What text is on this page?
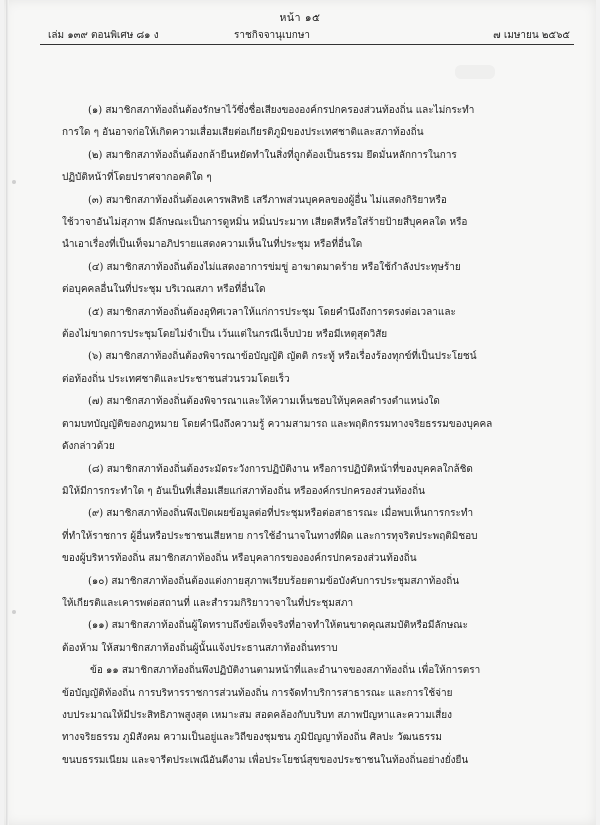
หน้า ๑๕
เล่ม ๑๓๙ ตอนพิเศษ ๘๑ ง	ราชกิจจานุเบกษา	๗ เมษายน ๒๕๖๕

(๑) สมาชิกสภาท้องถิ่นต้องรักษาไว้ซึ่งชื่อเสียงขององค์กรปกครองส่วนท้องถิ่น และไม่กระทำ

การใด ๆ อันอาจก่อให้เกิดความเสื่อมเสียต่อเกียรติภูมิของประเทศชาติและสภาท้องถิ่น

(๒) สมาชิกสภาท้องถิ่นต้องกล้ายืนหยัดทำในสิ่งที่ถูกต้องเป็นธรรม ยึดมั่นหลักการในการ

ปฏิบัติหน้าที่โดยปราศจากอคติใด ๆ

(๓) สมาชิกสภาท้องถิ่นต้องเคารพสิทธิ เสรีภาพส่วนบุคคลของผู้อื่น ไม่แสดงกิริยาหรือ

ใช้วาจาอันไม่สุภาพ มีลักษณะเป็นการดูหมิ่น หมิ่นประมาท เสียดสีหรือใส่ร้ายป้ายสีบุคคลใด หรือ

นำเอาเรื่องที่เป็นเท็จมาอภิปรายแสดงความเห็นในที่ประชุม หรือที่อื่นใด

(๔) สมาชิกสภาท้องถิ่นต้องไม่แสดงอาการข่มขู่ อาฆาตมาดร้าย หรือใช้กำลังประทุษร้าย

ต่อบุคคลอื่นในที่ประชุม บริเวณสภา หรือที่อื่นใด

(๕) สมาชิกสภาท้องถิ่นต้องอุทิศเวลาให้แก่การประชุม โดยคำนึงถึงการตรงต่อเวลาและ

ต้องไม่ขาดการประชุมโดยไม่จำเป็น เว้นแต่ในกรณีเจ็บป่วย หรือมีเหตุสุดวิสัย

(๖) สมาชิกสภาท้องถิ่นต้องพิจารณาข้อบัญญัติ ญัตติ กระทู้ หรือเรื่องร้องทุกข์ที่เป็นประโยชน์

ต่อท้องถิ่น ประเทศชาติและประชาชนส่วนรวมโดยเร็ว

(๗) สมาชิกสภาท้องถิ่นต้องพิจารณาและให้ความเห็นชอบให้บุคคลดำรงตำแหน่งใด

ตามบทบัญญัติของกฎหมาย โดยคำนึงถึงความรู้ ความสามารถ และพฤติกรรมทางจริยธรรมของบุคคล

ดังกล่าวด้วย

(๘) สมาชิกสภาท้องถิ่นต้องระมัดระวังการปฏิบัติงาน หรือการปฏิบัติหน้าที่ของบุคคลใกล้ชิด

มิให้มีการกระทำใด ๆ อันเป็นที่เสื่อมเสียแก่สภาท้องถิ่น หรือองค์กรปกครองส่วนท้องถิ่น

(๙) สมาชิกสภาท้องถิ่นพึงเปิดเผยข้อมูลต่อที่ประชุมหรือต่อสาธารณะ เมื่อพบเห็นการกระทำ

ที่ทำให้ราชการ ผู้อื่นหรือประชาชนเสียหาย การใช้อำนาจในทางที่ผิด และการทุจริตประพฤติมิชอบ

ของผู้บริหารท้องถิ่น สมาชิกสภาท้องถิ่น หรือบุคลากรขององค์กรปกครองส่วนท้องถิ่น

(๑๐) สมาชิกสภาท้องถิ่นต้องแต่งกายสุภาพเรียบร้อยตามข้อบังคับการประชุมสภาท้องถิ่น

ให้เกียรติและเคารพต่อสถานที่ และสำรวมกิริยาวาจาในที่ประชุมสภา

(๑๑) สมาชิกสภาท้องถิ่นผู้ใดทราบถึงข้อเท็จจริงที่อาจทำให้ตนขาดคุณสมบัติหรือมีลักษณะ

ต้องห้าม ให้สมาชิกสภาท้องถิ่นผู้นั้นแจ้งประธานสภาท้องถิ่นทราบ

ข้อ ๑๑ สมาชิกสภาท้องถิ่นพึงปฏิบัติงานตามหน้าที่และอำนาจของสภาท้องถิ่น เพื่อให้การตรา

ข้อบัญญัติท้องถิ่น การบริหารราชการส่วนท้องถิ่น การจัดทำบริการสาธารณะ และการใช้จ่าย

งบประมาณให้มีประสิทธิภาพสูงสุด เหมาะสม สอดคล้องกับบริบท สภาพปัญหาและความเสี่ยง

ทางจริยธรรม ภูมิสังคม ความเป็นอยู่และวิถีของชุมชน ภูมิปัญญาท้องถิ่น ศิลปะ วัฒนธรรม

ขนบธรรมเนียม และจารีตประเพณีอันดีงาม เพื่อประโยชน์สุขของประชาชนในท้องถิ่นอย่างยั่งยืน
